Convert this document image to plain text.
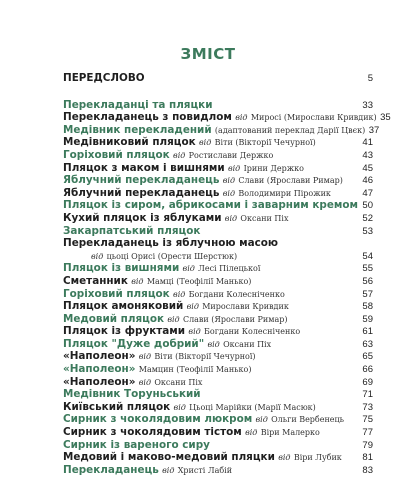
ЗМІСТ
ПЕРЕДСЛОВО	5
Перекладанці та пляцки	33
Перекладанець з повидлом від Миросі (Мирослави Кривдик) 35
Медівник перекладений (адаптований переклад Дарії Цвєк) 37
Медівниковий пляцок від Віти (Вікторії Чечурної)	41
Горіховий пляцок від Ростислави Держко	43
Пляцок з маком і вишнями від Ірини Держко	45
Яблучний перекладанець від Слави (Ярослави Римар)	46
Яблучний перекладанець від Володимири Пірожик	47
Пляцок із сиром, абрикосами і заварним кремом 50
Кухий пляцок із яблуками від Оксани Піх	52
Закарпатський пляцок	53
Перекладанець із яблучною масою
від цьоці Орисі (Орести Шерстюк)	54
Пляцок із вишнями від Лесі Пілецької	55
Сметанник від Мамці (Теофілії Манько)	56
Горіховий пляцок від Богдани Колесніченко	57
Пляцок амоняковий від Мирослави Кривдик	58
Медовий пляцок від Слави (Ярослави Римар)	59
Пляцок із фруктами від Богдани Колесніченко	61
Пляцок "Дуже добрий" від Оксани Піх	63
«Наполеон» від Віти (Вікторії Чечурної)	65
«Наполеон» Мамцин (Теофілії Манько)	66
«Наполеон» від Оксани Піх	69
Медівник Торуньський	71
Київський пляцок від Цьоці Марійки (Марії Масюк)	73
Сирник з чоколядовим люкром від Ольги Вербенець	75
Сирник з чоколядовим тістом від Віри Малерко	77
Сирник із вареного сиру	79
Медовий і маково-медовий пляцки від Віри Лубик	81
Перекладанець від Христі Лабій	83
